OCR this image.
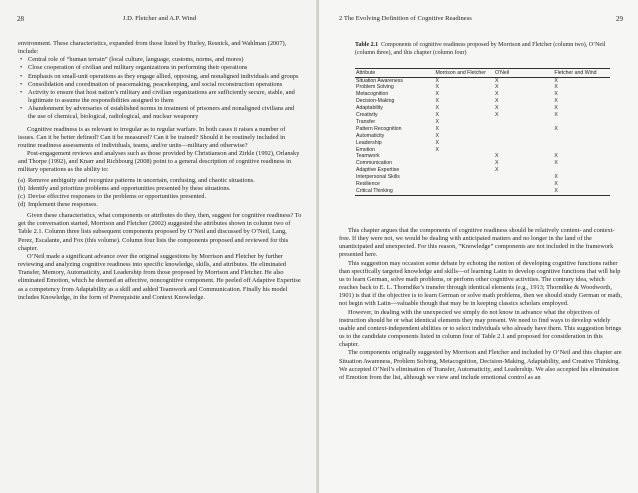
28	J.D. Fletcher and A.P. Wind

environment. These characteristics, expanded from those listed by Hurley, Resnick, and Wahlman (2007), include:

• Central role of “human terrain” (local culture, language, customs, norms, and mores)
• Close cooperation of civilian and military organizations in performing their operations
• Emphasis on small-unit operations as they engage allied, opposing, and nonaligned individuals and groups
• Consolidation and coordination of peacemaking, peacekeeping, and social reconstruction operations
• Activity to ensure that host nation’s military and civilian organizations are sufficiently secure, stable, and legitimate to assume the responsibilities assigned to them
• Abandonment by adversaries of established norms in treatment of prisoners and nonaligned civilians and the use of chemical, biological, radiological, and nuclear weaponry

Cognitive readiness is as relevant to irregular as to regular warfare. In both cases it raises a number of issues. Can it be better defined? Can it be measured? Can it be trained? Should it be routinely included in routine readiness assessments of individuals, teams, and/or units—military and otherwise?

Post-engagement reviews and analyses such as those provided by Christianson and Zirkle (1992), Orlansky and Thorpe (1992), and Knarr and Richbourg (2008) point to a general description of cognitive readiness in military operations as the ability to:

(a) Remove ambiguity and recognize patterns in uncertain, confusing, and chaotic situations.
(b) Identify and prioritize problems and opportunities presented by these situations.
(c) Devise effective responses to the problems or opportunities presented.
(d) Implement these responses.

Given these characteristics, what components or attributes do they, then, suggest for cognitive readiness? To get the conversation started, Morrison and Fletcher (2002) suggested the attributes shown in column two of Table 2.1. Column three lists subsequent components proposed by O’Neil and discussed by O’Neil, Lang, Perez, Escalante, and Fox (this volume). Column four lists the components proposed and reviewed for this chapter.

O’Neil made a significant advance over the original suggestions by Morrison and Fletcher by further reviewing and analyzing cognitive readiness into specific knowledge, skills, and attributes. He eliminated Transfer, Memory, Automaticity, and Leadership from those proposed by Morrison and Fletcher. He also eliminated Emotion, which he deemed an affective, noncognitive component. He peeled off Adaptive Expertise as a competency from Adaptability as a skill and added Teamwork and Communication. Finally his model includes Knowledge, in the form of Prerequisite and Context Knowledge.

2 The Evolving Definition of Cognitive Readiness	29
Table 2.1 Components of cognitive readiness proposed by Morrison and Fletcher (column two), O’Neil (column three), and this chapter (column four)

Attribute	Morrison and Fletcher	O’Neil	Fletcher and Wind
Situation Awareness	X	X	X
Problem Solving	X	X	X
Metacognition	X	X	X
Decision-Making	X	X	X
Adaptability	X	X	X
Creativity	X	X	X
Transfer	X		
Pattern Recognition	X		X
Automaticity	X		
Leadership	X		
Emotion	X		
Teamwork		X	X
Communication		X	X
Adaptive Expertise		X	
Interpersonal Skills			X
Resilience			X
Critical Thinking			X

This chapter argues that the components of cognitive readiness should be relatively content- and context-free. If they were not, we would be dealing with anticipated matters and no longer in the land of the unanticipated and unexpected. For this reason, “Knowledge” components are not included in the framework presented here.

This suggestion may occasion some debate by echoing the notion of developing cognitive functions rather than specifically targeted knowledge and skills—of learning Latin to develop cognitive functions that will help us to learn German, solve math problems, or perform other cognitive activities. The contrary idea, which reaches back to E. L. Thorndike’s transfer through identical elements (e.g., 1913; Thorndike & Woodworth, 1901) is that if the objective is to learn German or solve math problems, then we should study German or math, not begin with Latin—valuable though that may be in keeping classics scholars employed.

However, in dealing with the unexpected we simply do not know in advance what the objectives of instruction should be or what identical elements they may present. We need to find ways to develop widely usable and context-independent abilities or to select individuals who already have them. This suggestion brings us to the candidate components listed in column four of Table 2.1 and proposed for consideration in this chapter.

The components originally suggested by Morrison and Fletcher and included by O’Neil and this chapter are Situation Awareness, Problem Solving, Metacognition, Decision-Making, Adaptability, and Creative Thinking. We accepted O’Neil’s elimination of Transfer, Automaticity, and Leadership. We also accepted his elimination of Emotion from the list, although we view and include emotional control as an
